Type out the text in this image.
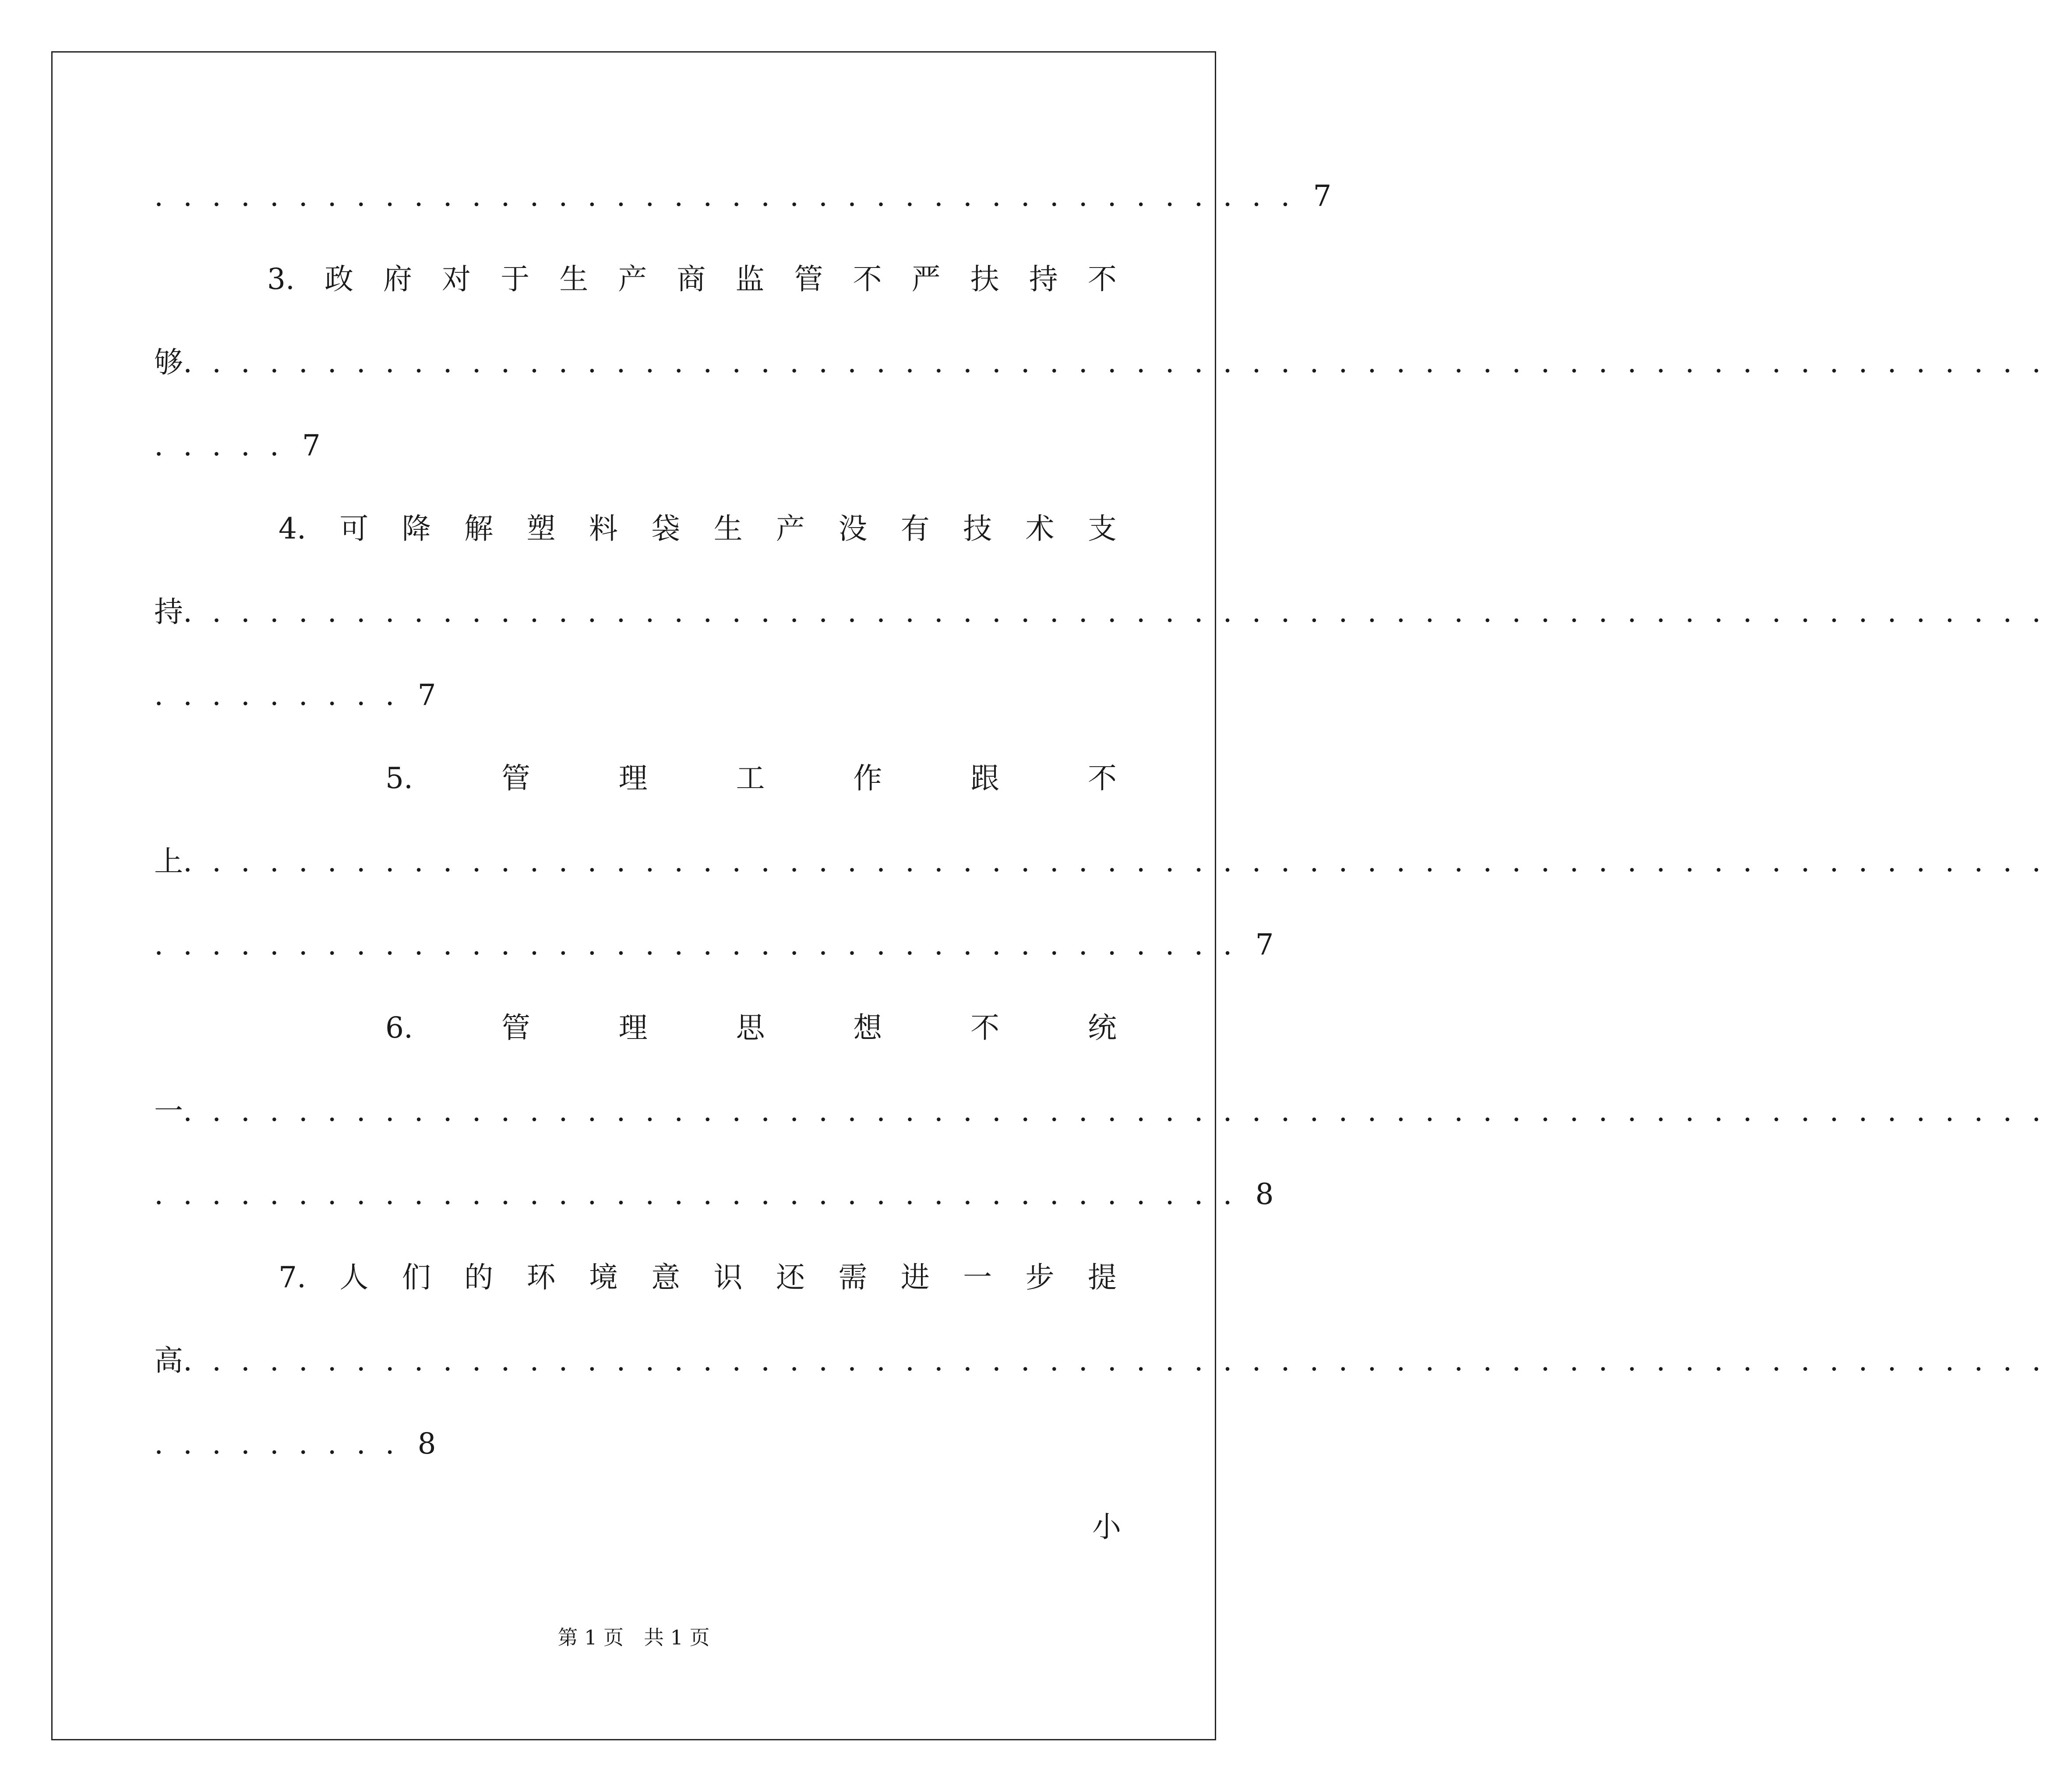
. . . . . . . . . . . . . . . . . . . . . . . . . . . . . . . . . . . . . . . . 7
3. 政 府 对 于 生 产 商 监 管 不 严 扶 持 不
够. . . . . . . . . . . . . . . . . . . . . . . . . . . . . . . . . . . . . . . . . . . . . . . . . . . . . . . . . . . . . . . . .
. . . . . 7
4. 可 降 解 塑 料 袋 生 产 没 有 技 术 支
持. . . . . . . . . . . . . . . . . . . . . . . . . . . . . . . . . . . . . . . . . . . . . . . . . . . . . . . . . . . . . . . . .
. . . . . . . . . 7
5.	管	理	工	作	跟	不
上. . . . . . . . . . . . . . . . . . . . . . . . . . . . . . . . . . . . . . . . . . . . . . . . . . . . . . . . . . . . . . . . .
. . . . . . . . . . . . . . . . . . . . . . . . . . . . . . . . . . . . . . 7
6.	管	理	思	想	不	统
一. . . . . . . . . . . . . . . . . . . . . . . . . . . . . . . . . . . . . . . . . . . . . . . . . . . . . . . . . . . . . . . . .
. . . . . . . . . . . . . . . . . . . . . . . . . . . . . . . . . . . . . . 8
7. 人 们 的 环 境 意 识 还 需 进 一 步 提
高. . . . . . . . . . . . . . . . . . . . . . . . . . . . . . . . . . . . . . . . . . . . . . . . . . . . . . . . . . . . . . . . .
. . . . . . . . . 8
小
第 1 页　共 1 页
